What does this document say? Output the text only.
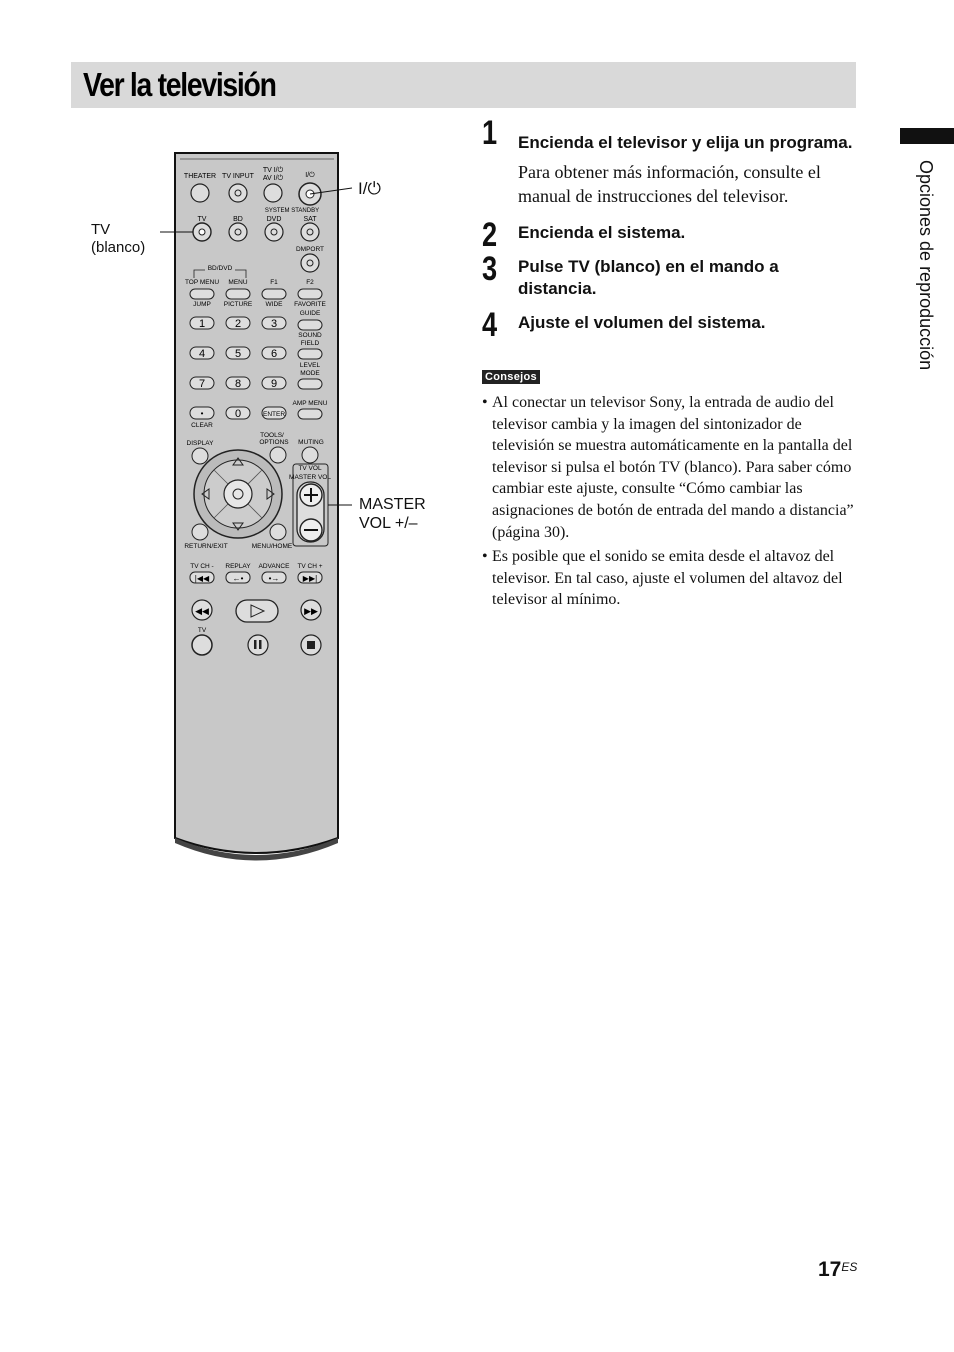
Ver la televisión
Opciones de reproducción
THEATER TV INPUT
TV I/⏻
AV I/⏻	I/⏻
SYSTEM STANDBY
TV	BD	DVD	SAT
DMPORT
BD/DVD
TOP MENU MENU	F1	F2
JUMP PICTURE WIDE FAVORITE
GUIDE
1	2	3
SOUND
FIELD
4	5	6
LEVEL
MODE
7	8	9
AMP MENU
•	0	ENTER
CLEAR
TOOLS/
OPTIONS
DISPLAY	MUTING
TV VOL
MASTER VOL
RETURN/EXIT	MENU/HOME
TV CH - REPLAY ADVANCE TV CH +
|◀◀	←•	•→	▶▶|
◀◀	▶▶
TV
TV
(blanco)
I/⏻
MASTER
VOL +/–
1 Encienda el televisor y elija un programa.
Para obtener más información, consulte el manual de instrucciones del televisor.
2 Encienda el sistema.
3 Pulse TV (blanco) en el mando a distancia.
4 Ajuste el volumen del sistema.
Consejos
• Al conectar un televisor Sony, la entrada de audio del televisor cambia y la imagen del sintonizador de televisión se muestra automáticamente en la pantalla del televisor si pulsa el botón TV (blanco). Para saber cómo cambiar este ajuste, consulte “Cómo cambiar las asignaciones de botón de entrada del mando a distancia” (página 30).
• Es posible que el sonido se emita desde el altavoz del televisor. En tal caso, ajuste el volumen del altavoz del televisor al mínimo.
$17^{ES}$
